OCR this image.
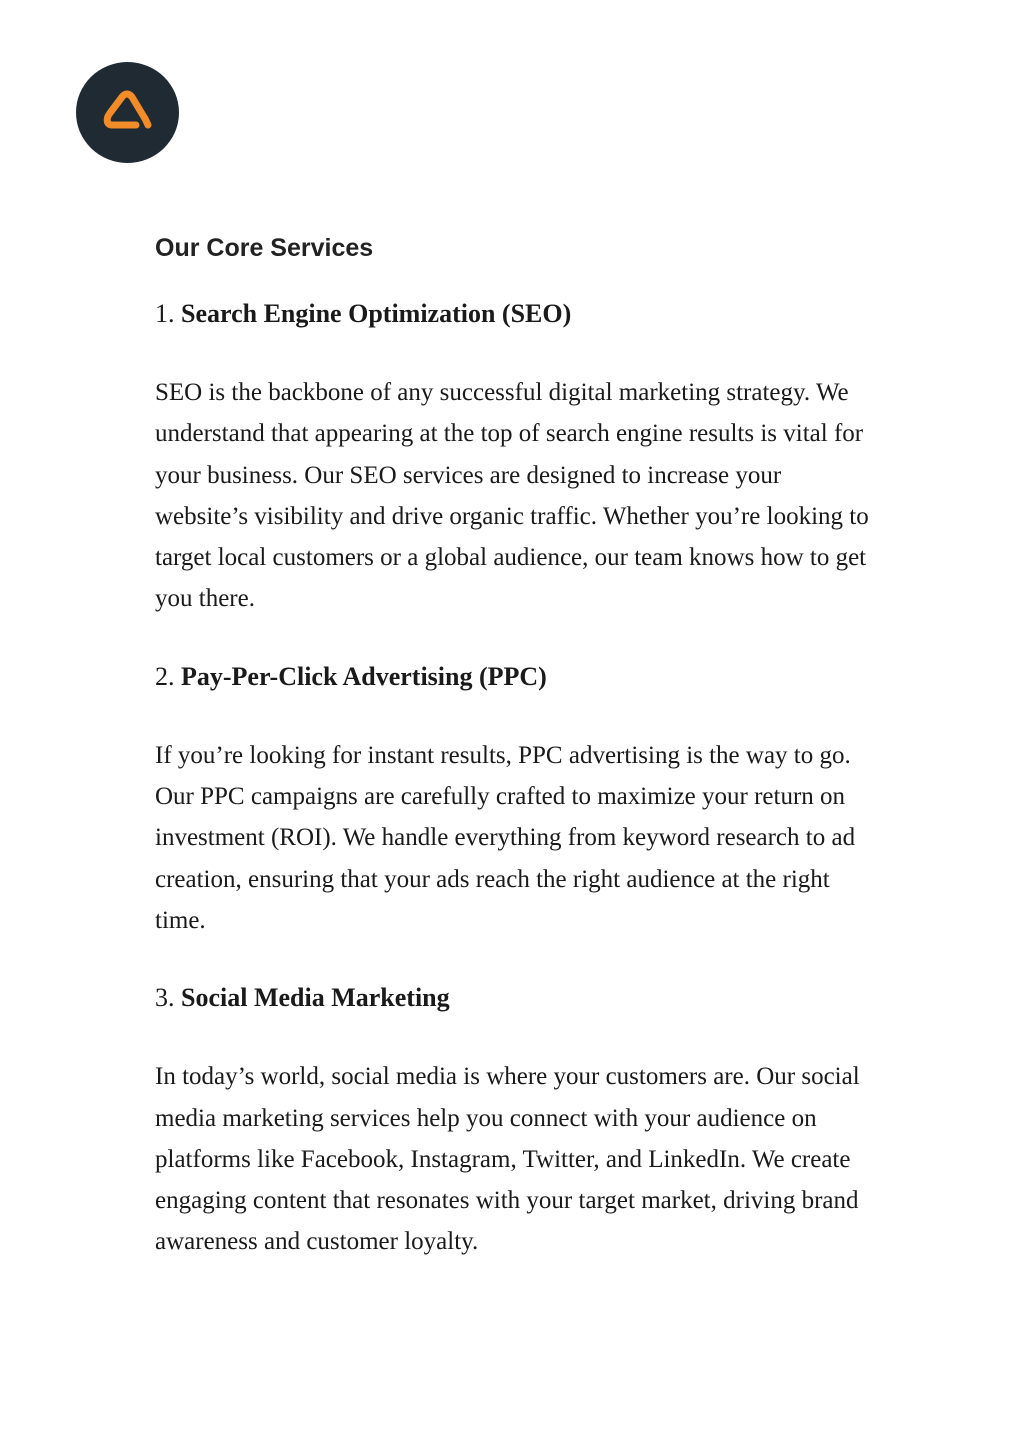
Our Core Services

1. Search Engine Optimization (SEO)

SEO is the backbone of any successful digital marketing strategy. We understand that appearing at the top of search engine results is vital for your business. Our SEO services are designed to increase your website’s visibility and drive organic traffic. Whether you’re looking to target local customers or a global audience, our team knows how to get you there.

2. Pay-Per-Click Advertising (PPC)

If you’re looking for instant results, PPC advertising is the way to go. Our PPC campaigns are carefully crafted to maximize your return on investment (ROI). We handle everything from keyword research to ad creation, ensuring that your ads reach the right audience at the right time.

3. Social Media Marketing

In today’s world, social media is where your customers are. Our social media marketing services help you connect with your audience on platforms like Facebook, Instagram, Twitter, and LinkedIn. We create engaging content that resonates with your target market, driving brand awareness and customer loyalty.
